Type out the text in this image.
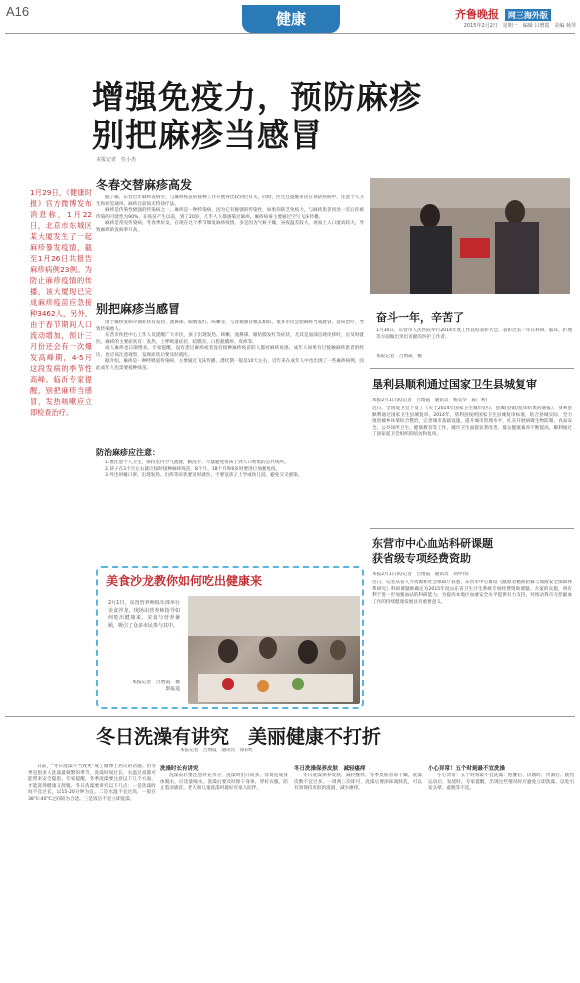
A16	健康	齐鲁晚报 网三海外版
2015年2月2日　星期一　编辑 吕增霞　美编 杨琴
增强免疫力，预防麻疹
别把麻疹当感冒
本报记者　任小杰
1月29日，《健康时报》官方微博发布消息称，1月22日，北京市东城区某大厦发生了一起麻疹暴发疫情，截至1月26日共报告麻疹病例23例。为防止麻疹疫情的传播，该大厦现已完成麻疹疫苗应急接种3462人，另外，由于春节期间人口流动增加，预计三月份还会有一次爆发高峰期，4-5月这段发病的季节性高峰。临沂专家提醒，别把麻疹当感冒，发热咳嗽应立即检查治疗。
冬春交替麻疹高发

据了解，东营近年麻疹发病少，与麻疹疫苗的接种工作开展得比较到位有关，同时，医生还提醒市民在预防疾病中，注意个人卫生和居室通风，麻疹目前尚无特效疗法。

麻疹是传染性极强的传染病之一，麻疹是一种传染病，因为它有极强的传染性，如果你缺乏免疫力，与麻疹患者同处一室后你被传染的可能性为90%，在疫苗产生以前，到了20岁，几乎人人都感染过麻疹，麻疹病毒主要通过空气飞沫传播。

麻疹是常见传染病，冬春季好发，在现在这个季节爆发麻疹疫情，多是因为气候干燥，昼夜温差较大，再加上人口流动较大，导致麻疹的发病率升高。

别把麻疹当感冒

由于麻疹发病早期症状有发热、流鼻涕、眼睛发红、咳嗽等，与普通感冒极其相似，很多市民会把麻疹当成感冒，延误治疗，导致传染他人。

东营市疾控中心工作人员提醒广大市民，孩子出现发热、咳嗽、流鼻涕、眼结膜发红等症状，尤其是面部出现皮疹时，应及时就医。麻疹的主要症状有：发热、上呼吸道症状、结膜炎、口腔黏膜疹、皮疹等。

成人麻疹也日渐增多。专家提醒，没有患过麻疹或者没有接种麻疹疫苗的人都对麻疹易感。成年人如果有过接触麻疹患者的经历，也应该注意观察，发现症状后要及时就医。

据介绍，麻疹是一种呼吸道传染病，主要通过飞沫传播，潜伏期一般是10天左右，近年来在成年人中也出现了一些麻疹病例，因此成年人也需要接种疫苗。

防治麻疹应注意：

1.要注意个人卫生，保持室内空气流通，勤洗手，尽量避免带孩子到人口密集的公共场所。

2.孩子在3个月左右就应按时接种麻疹疫苗，8个月、18个月和6岁时要进行加强免疫。

3.外出时戴口罩，出现发热、出疹等症状要及时就医，不要送孩子上学或幼儿园，避免交叉感染。

美食沙龙教你如何吃出健康来
2月1日，东营营养师俱乐部举行美食沙龙，现场由营养师指导如何吃出健康来，美食与营养兼顾，吸引了众多市民参与其中。
本报记者　吕增霞　摄影报道
奋斗一年，辛苦了
1月30日，东营市人民医院举行2014年度工作总结表彰大会，表彰过去一年在科研、临床、护理等方面做出突出贡献的医护工作者。
本报记者　吕增霞　摄
垦利县顺利通过国家卫生县城复审
本报2月1日讯(记者　吕增霞　通讯员　杨美华　陈广利)
近日，全国爱卫会下发了《关于2014年国家卫生城市(区)、县城(县镇)复审结果的通报》，垦利县顺利通过国家卫生县城复审。2014年，垦利县按照国家卫生县城复审标准，结合县城实际，全力推进城乡环境综合整治，完善城市基础设施，提升城市管理水平，扎实开展病媒生物防制、食品安全、公共场所卫生、健康教育等工作，城市卫生面貌显著改善，群众健康素养不断提高，顺利通过了国家爱卫会组织的暗访和复审。
东营市中心血站科研课题
获省级专项经费资助
本报2月1日讯(记者　吕增霞　通讯员　刘中伟)
近日，记者从省人力资源和社会保障厅获悉，东营市中心血站《献血者精准招募与血液安全保障体系研究》科研课题被确定为2015年度山东省卫生计生系统专项经费资助课题。方案的实施，将有利于进一步加强血站的科研能力，为提高本地区血液安全水平提供有力支持，对推动我市无偿献血工作的持续健康发展具有重要意义。
冬日洗澡有讲究　美丽健康不打折
本报记者　吕增霞　通讯员　徐彩红

日前，“冬日洗澡不当致死”成了微博上热议的话题。但冬季是很多人洗澡最频繁的季节，洗澡时间过长、水温过高都可能带来安全隐患。专家提醒，冬季洗澡要注意以下几个方面，才能洗得健康又舒服。冬日洗澡要讲究以下几点：一是洗澡时间不宜过长，以15-20分钟为宜。二是水温不宜过高，一般在38℃-40℃之间较为合适。三是饭后不宜立即洗澡。

洗澡时长有讲究

洗澡前后要注意补充水分，洗澡时出汗较多，容易造成身体脱水，应适量喝水。洗澡后要及时擦干身体，穿好衣服，防止着凉感冒。老人和儿童洗澡时最好有家人陪伴。

冬日洗澡保养皮肤　减轻瘙痒

冬日洗澡保养皮肤，减轻瘙痒。冬季皮肤容易干燥，洗澡次数不宜过多，一周两三次即可，洗澡后要涂抹润肤乳，可以有效保持皮肤的滋润，减少瘙痒。

小心异常！五个时刻最不宜洗澡

小心异常！五个时刻最不宜洗澡：饱餐后、饥饿时、饮酒后、剧烈运动后、发烧时。专家提醒，出现这些情况时应避免立即洗澡，以免引发头晕、虚脱等不适。
